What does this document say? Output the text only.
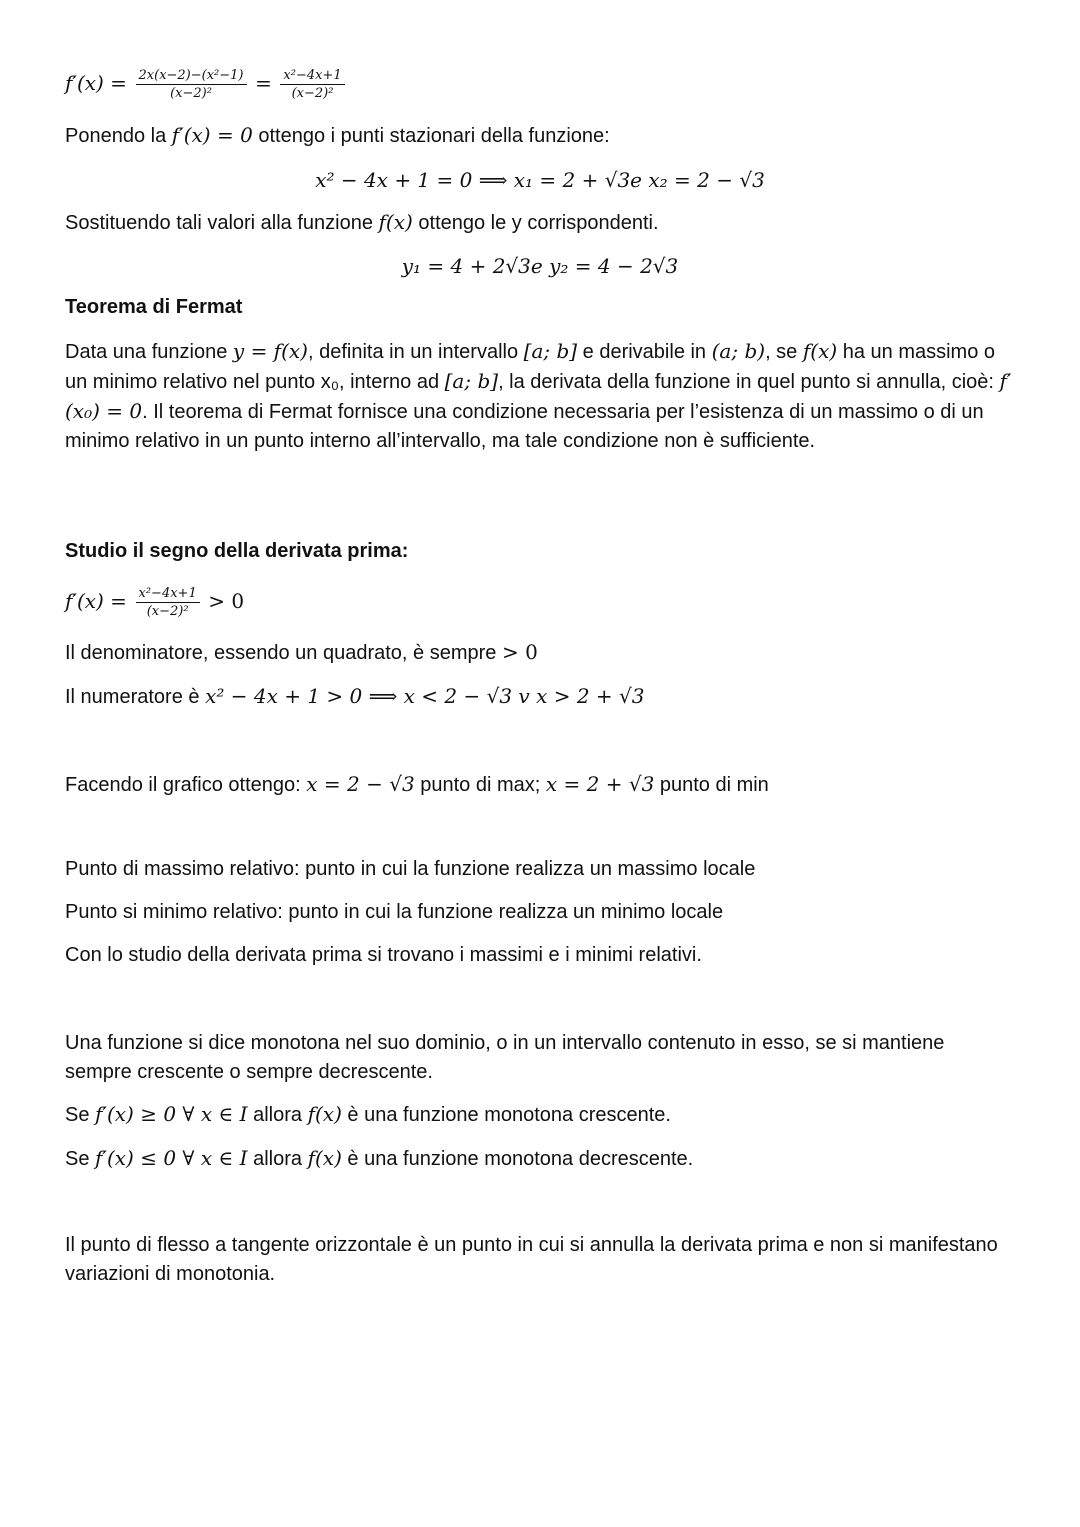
$f'(x) = \frac{\text{2x(x−2)−(x²−1)}}{\text{(x−2)²}} = \frac{\text{x²−4x+1}}{\text{(x−2)²}}$
Ponendo la f′(x) = 0 ottengo i punti stazionari della funzione:
x² − 4x + 1 = 0 ⟹ x₁ = 2 + √3e x₂ = 2 − √3
Sostituendo tali valori alla funzione f(x) ottengo le y corrispondenti.
y₁ = 4 + 2√3e y₂ = 4 − 2√3
Teorema di Fermat
Data una funzione y = f(x), definita in un intervallo [a; b] e derivabile in (a; b), se f(x) ha un massimo o un minimo relativo nel punto x₀, interno ad [a; b], la derivata della funzione in quel punto si annulla, cioè: f′(x₀) = 0. Il teorema di Fermat fornisce una condizione necessaria per l’esistenza di un massimo o di un minimo relativo in un punto interno all’intervallo, ma tale condizione non è sufficiente.
Studio il segno della derivata prima:
$f'(x) = \frac{\text{x²−4x+1}}{\text{(x−2)²}} > 0$
Il denominatore, essendo un quadrato, è sempre > 0
Il numeratore è x² − 4x + 1 > 0 ⟹ x < 2 − √3 v x > 2 + √3
Facendo il grafico ottengo: x = 2 − √3 punto di max; x = 2 + √3 punto di min
Punto di massimo relativo: punto in cui la funzione realizza un massimo locale
Punto si minimo relativo: punto in cui la funzione realizza un minimo locale
Con lo studio della derivata prima si trovano i massimi e i minimi relativi.
Una funzione si dice monotona nel suo dominio, o in un intervallo contenuto in esso, se si mantiene sempre crescente o sempre decrescente.
Se f′(x) ≥ 0 ∀ x ∈ I allora f(x) è una funzione monotona crescente.
Se f′(x) ≤ 0 ∀ x ∈ I allora f(x) è una funzione monotona decrescente.
Il punto di flesso a tangente orizzontale è un punto in cui si annulla la derivata prima e non si manifestano variazioni di monotonia.
